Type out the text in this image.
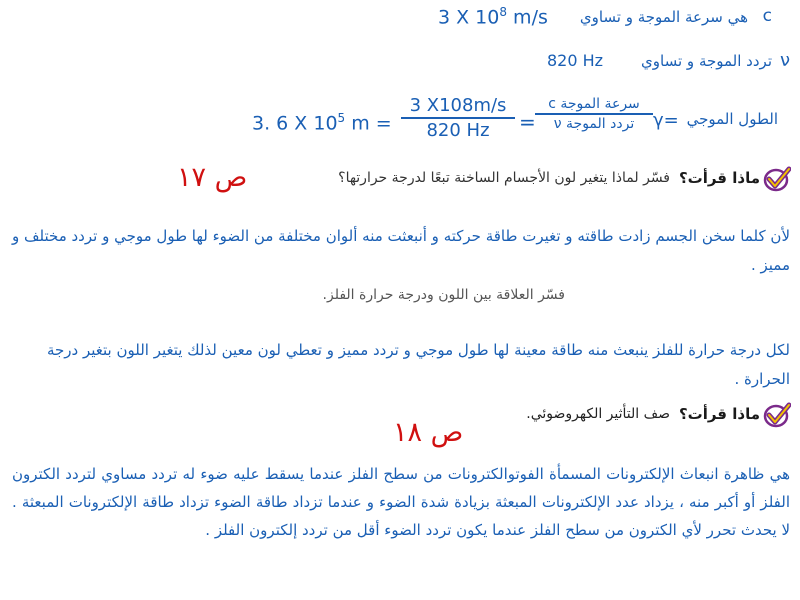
c
هي سرعة الموجة و تساوي
3 X $10^8$ m/s
ν
تردد الموجة و تساوي
820 Hz
3. 6 X $10^5$ $m = \frac{3 X108m/s}{820 Hz}$ =
سرعة الموجة c
تردد الموجة ν	γ= الطول الموجي
ماذا قرأت؟
فسّر لماذا يتغير لون الأجسام الساخنة تبعًا لدرجة حرارتها؟
ص ١٧
لأن كلما سخن الجسم زادت طاقته و تغيرت طاقة حركته و أنبعثت منه ألوان مختلفة من الضوء لها طول موجي و تردد مختلف و مميز .
فسّر العلاقة بين اللون ودرجة حرارة الفلز.
لكل درجة حرارة للفلز ينبعث منه طاقة معينة لها طول موجي و تردد مميز و تعطي لون معين لذلك يتغير اللون بتغير درجة الحرارة .
ماذا قرأت؟
صف التأثير الكهروضوئي.
ص ١٨
هي ظاهرة انبعاث الإلكترونات المسمأة الفوتوالكترونات من سطح الفلز عندما يسقط عليه ضوء له تردد مساوي لتردد الكترون الفلز أو أكبر منه ، يزداد عدد الإلكترونات المبعثة بزيادة شدة الضوء و عندما تزداد طاقة الضوء تزداد طاقة الإلكترونات المبعثة . لا يحدث تحرر لأي الكترون من سطح الفلز عندما يكون تردد الضوء أقل من تردد إلكترون الفلز .
